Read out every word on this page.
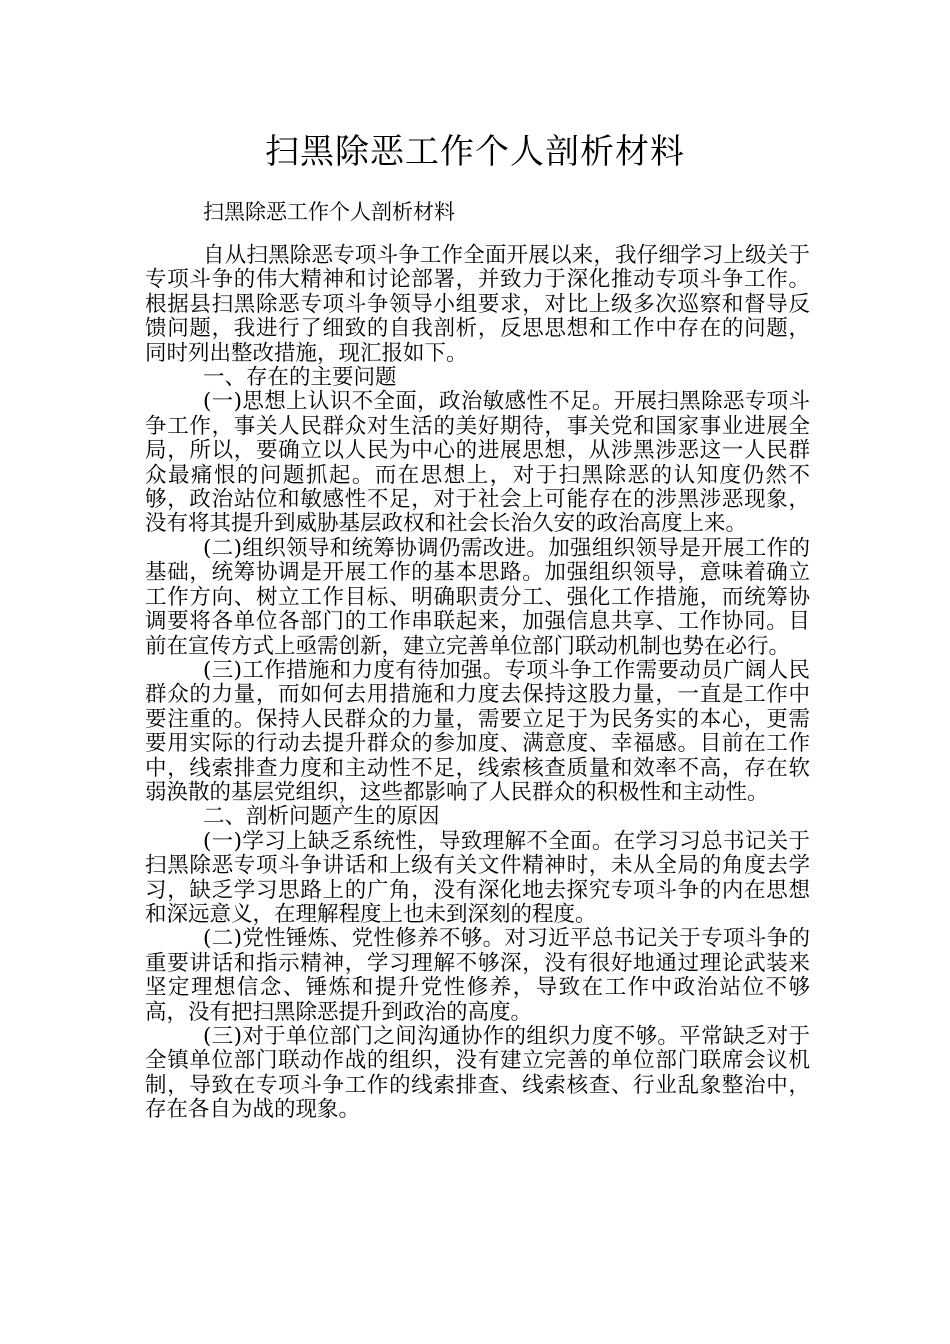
扫黑除恶工作个人剖析材料
扫黑除恶工作个人剖析材料

自从扫黑除恶专项斗争工作全面开展以来，我仔细学习上级关于专项斗争的伟大精神和讨论部署，并致力于深化推动专项斗争工作。根据县扫黑除恶专项斗争领导小组要求，对比上级多次巡察和督导反馈问题，我进行了细致的自我剖析，反思思想和工作中存在的问题，同时列出整改措施，现汇报如下。

一、存在的主要问题

(一)思想上认识不全面，政治敏感性不足。开展扫黑除恶专项斗争工作，事关人民群众对生活的美好期待，事关党和国家事业进展全局，所以，要确立以人民为中心的进展思想，从涉黑涉恶这一人民群众最痛恨的问题抓起。而在思想上，对于扫黑除恶的认知度仍然不够，政治站位和敏感性不足，对于社会上可能存在的涉黑涉恶现象，没有将其提升到威胁基层政权和社会长治久安的政治高度上来。

(二)组织领导和统筹协调仍需改进。加强组织领导是开展工作的基础，统筹协调是开展工作的基本思路。加强组织领导，意味着确立工作方向、树立工作目标、明确职责分工、强化工作措施，而统筹协调要将各单位各部门的工作串联起来，加强信息共享、工作协同。目前在宣传方式上亟需创新，建立完善单位部门联动机制也势在必行。

(三)工作措施和力度有待加强。专项斗争工作需要动员广阔人民群众的力量，而如何去用措施和力度去保持这股力量，一直是工作中要注重的。保持人民群众的力量，需要立足于为民务实的本心，更需要用实际的行动去提升群众的参加度、满意度、幸福感。目前在工作中，线索排查力度和主动性不足，线索核查质量和效率不高，存在软弱涣散的基层党组织，这些都影响了人民群众的积极性和主动性。

二、剖析问题产生的原因

(一)学习上缺乏系统性，导致理解不全面。在学习习总书记关于扫黑除恶专项斗争讲话和上级有关文件精神时，未从全局的角度去学习，缺乏学习思路上的广角，没有深化地去探究专项斗争的内在思想和深远意义，在理解程度上也未到深刻的程度。

(二)党性锤炼、党性修养不够。对习近平总书记关于专项斗争的重要讲话和指示精神，学习理解不够深，没有很好地通过理论武装来坚定理想信念、锤炼和提升党性修养，导致在工作中政治站位不够高，没有把扫黑除恶提升到政治的高度。

(三)对于单位部门之间沟通协作的组织力度不够。平常缺乏对于全镇单位部门联动作战的组织，没有建立完善的单位部门联席会议机制，导致在专项斗争工作的线索排查、线索核查、行业乱象整治中，存在各自为战的现象。
